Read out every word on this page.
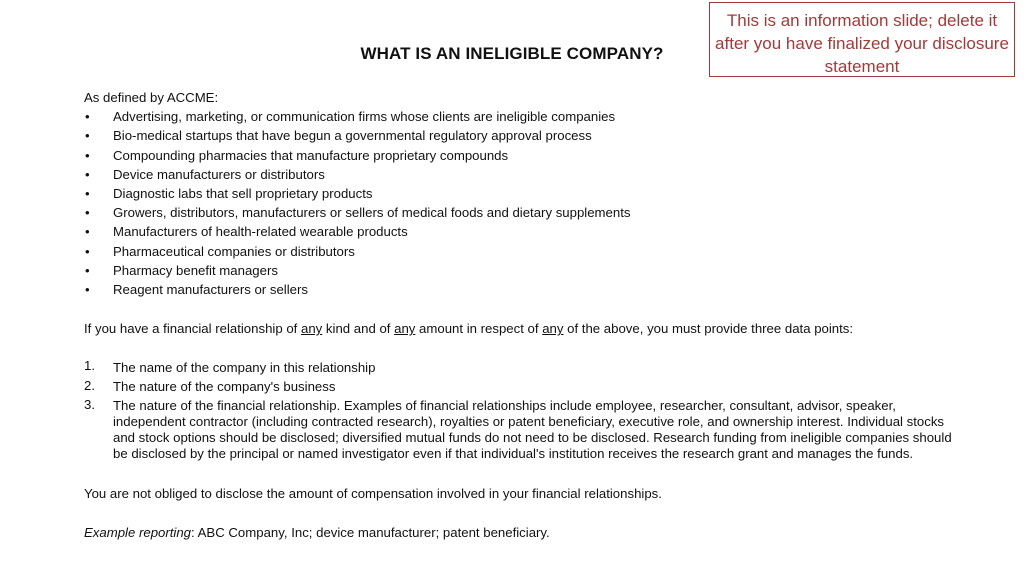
This is an information slide; delete it after you have finalized your disclosure statement
WHAT IS AN INELIGIBLE COMPANY?

As defined by ACCME:

• Advertising, marketing, or communication firms whose clients are ineligible companies
• Bio-medical startups that have begun a governmental regulatory approval process
• Compounding pharmacies that manufacture proprietary compounds
• Device manufacturers or distributors
• Diagnostic labs that sell proprietary products
• Growers, distributors, manufacturers or sellers of medical foods and dietary supplements
• Manufacturers of health-related wearable products
• Pharmaceutical companies or distributors
• Pharmacy benefit managers
• Reagent manufacturers or sellers

If you have a financial relationship of any kind and of any amount in respect of any of the above, you must provide three data points:

1. The name of the company in this relationship
2. The nature of the company's business
3. The nature of the financial relationship. Examples of financial relationships include employee, researcher, consultant, advisor, speaker, independent contractor (including contracted research), royalties or patent beneficiary, executive role, and ownership interest. Individual stocks and stock options should be disclosed; diversified mutual funds do not need to be disclosed. Research funding from ineligible companies should be disclosed by the principal or named investigator even if that individual's institution receives the research grant and manages the funds.

You are not obliged to disclose the amount of compensation involved in your financial relationships.

Example reporting: ABC Company, Inc; device manufacturer; patent beneficiary.
